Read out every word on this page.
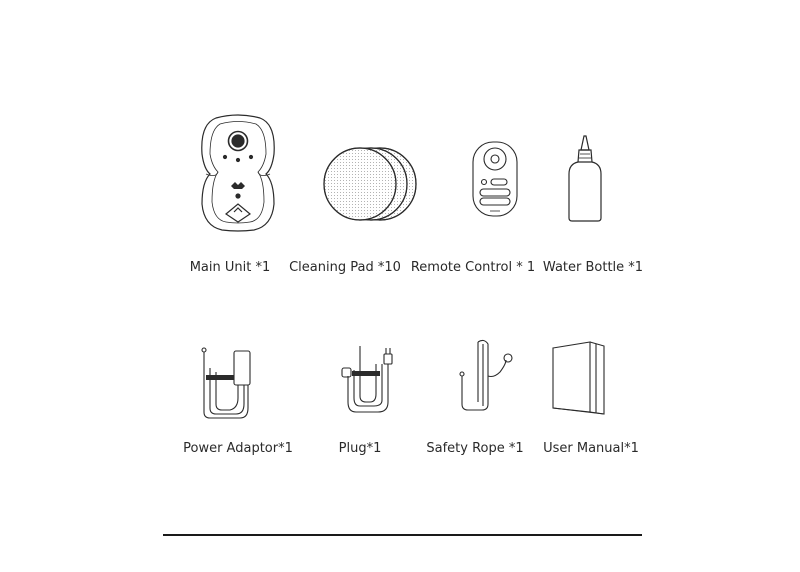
Main Unit *1	Cleaning Pad *10 Remote Control * 1 Water Bottle *1
Power Adaptor*1	Plug*1	Safety Rope *1	User Manual*1
